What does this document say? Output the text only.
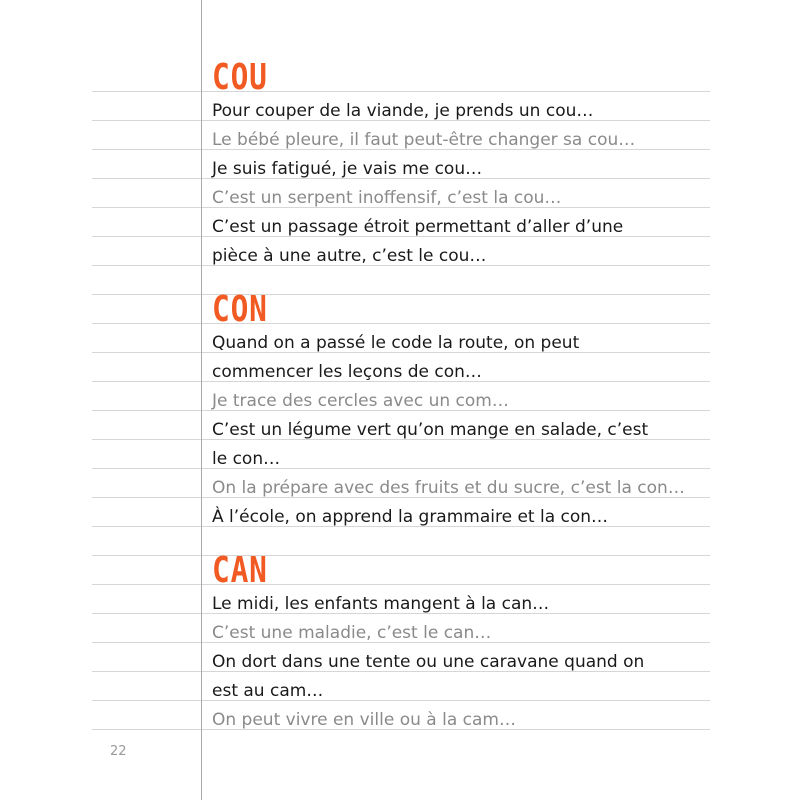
COU
Pour couper de la viande, je prends un cou…
Le bébé pleure, il faut peut-être changer sa cou…
Je suis fatigué, je vais me cou…
C’est un serpent inoffensif, c’est la cou…
C’est un passage étroit permettant d’aller d’une
pièce à une autre, c’est le cou…
CON
Quand on a passé le code la route, on peut
commencer les leçons de con…
Je trace des cercles avec un com…
C’est un légume vert qu’on mange en salade, c’est
le con…
On la prépare avec des fruits et du sucre, c’est la con…
À l’école, on apprend la grammaire et la con…
CAN
Le midi, les enfants mangent à la can…
C’est une maladie, c’est le can…
On dort dans une tente ou une caravane quand on
est au cam…
On peut vivre en ville ou à la cam…
22
